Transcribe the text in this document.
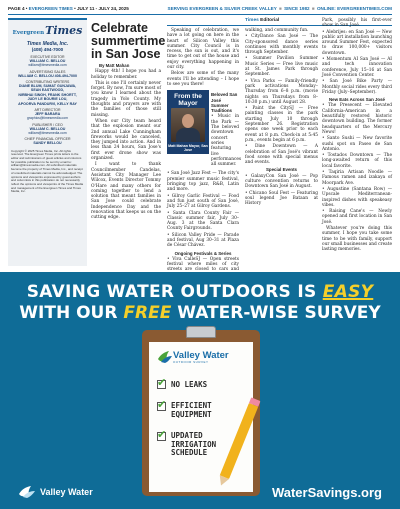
PAGE 4 • EVERGREEN TIMES • JULY 11 - JULY 24, 2025	SERVING EVERGREEN & SILVER CREEK VALLEY ■ SINCE 1982 ■ ONLINE: EVERGREENTIMES.COM
EvergreenTimes
Times Media, Inc.
(408) 494-7000
EXECUTIVE EDITOR
WILLIAM C. BELLOU
william@timesmedia.com
ADVERTISING SALES
WILLIAM C. BELLOU 408-494-7000
CONTRIBUTING WRITERS
DIANE BLUM, SUMAT GUNJAWA,
SEAN EASTWOOD,
NIRBHAI SINGH, FRANK SHORTT,
JUDY LE BOURIE LOU,
APOORVA PANDURVI, KELLY RAY
ART DIRECTOR
JEFF BARARA
graphics@timesmedia.com
PUBLISHER / CEO
WILLIAM C. BELLOU
william@timesmedia.com
CHIEF FINANCIAL OFFICER
SANDY BELLOU
Copyright © 2025 Times Media, Inc. All rights reserved. The Evergreen Times prints letters to the editor and submissions of guest articles and columns for possible publication to be sent by email to: william@timesmedia.com. All submitted materials become the property of Times Media, Inc., and receipt of unsolicited materials cannot be acknowledged. The opinions and viewpoints expressed by guest authors and columnists in this publication do not necessarily reflect the opinions and viewpoints of the Times Media and management of the Evergreen Times and Times Media, Inc.
Times Editorial
Celebrate summertime in San Jose
By Matt Mahan

Happy 4th! I hope you had a holiday to remember.

This is one I'll certainly never forget. By now, I'm sure most of you know I learned about the tragedy in Yolo County. My thoughts and prayers are with the families of those still missing.

When our City team heard that the explosion meant our 2nd annual Lake Cunningham fireworks would be canceled, they jumped into action. And in less than 24 hours, San Jose's first ever drone show was organized.

I want to thank Councilmember Candelas, Assistant City Manager Lee Wilcox, Events Director Tommy O'Hare and many others for coming together to lend a solution that meant families in San Jose could celebrate Independence Day and the renovation that keeps us on the cutting edge.

Speaking of celebration, we have a lot going on here in the heart of Silicon Valley this summer. City Council is in recess, the sun is out, and it's time to get out of the house and enjoy everything happening in our city.

Below are some of the many events I'll be attending – I hope to see you there!

From the Mayor
Matt Mahan Mayor, San Jose
Beloved San José Summer Traditions

• Music in the Park — The beloved downtown concert series featuring live performances all summer.

• San José Jazz Fest — The city's premier summer music festival, bringing top jazz, R&B, Latin and more.

• Gilroy Garlic Festival — Food and fun just south of San José, July 25–27 at Gilroy Gardens.

• Santa Clara County Fair — Classic summer fair, July 30–Aug. 3 at the Santa Clara County Fairgrounds.

• Silicon Valley Pride — Parade and festival, Aug 30–31 at Plaza de César Chávez.

Ongoing Festivals & Series

• Viva CalleSJ — Open streets festival where miles of city streets are closed to cars and

walking, and community fun.

• CityDance San José — The City-sponsored dance series continues with monthly events through September.

• Summer Pavilion Summer Music Series — Free live music at St. James Park through September.

• Viva Parks — Family-friendly park activations Monday–Thursday from 6–8 p.m. (movie nights on Thursdays from 8–10:30 p.m.) until August 28.

• Paint the CitySJ — Free painting classes in the park starting July 10 through September 26. Registration opens one week prior to each event at 8 p.m. Check-in at 5:45 p.m., events begin at 6 p.m.

• Dine Downtown — A celebration of San José's vibrant food scene with special menus and events.

Special Events

• GalaxyCon San José — Pop culture convention returns to Downtown San José in August.

• Chicano Soul Fest — Featuring soul legend Joe Bataan at History

Park, possibly his first-ever show in San José.

• Alebrijes: en San José — New public art installation launching around Summer Fest, expected to draw 100,000+ visitors downtown.

• Momentum AI San José — AI and tech innovation conference, July 15–16 at San José Convention Center.

• San José Bike Party — Monthly social rides every third Friday (July–September).

New Eats Across San José

• The Presecent — Elevated California-American in a beautifully restored historic downtown building. The former headquarters of the Mercury News!

• Santo Sushi — New favorite sushi spot on Paseo de San Antonio.

• Tostados Downtown — The long-awaited return of this local favorite.

• Taqiria Artisan Noodle — Famous ramen and izakaya of Moorpark Ave.

• Augustine (Santana Row) — Upscale Mediterranean-inspired dishes with speakeasy vibes.

• Raising Cane's — Newly opened and first location in San José.

Whatever you're doing this summer, I hope you take some time to be with family, support our small businesses and create lasting memories.

SAVING WATER OUTDOORS IS EASY
WITH OUR FREE WATER-WISE SURVEY
Valley Water
OUTDOOR SURVEY
✔ NO LEAKS
✔ EFFICIENT EQUIPMENT
✔ UPDATED IRRIGATION SCHEDULE
Valley Water	WaterSavings.org
